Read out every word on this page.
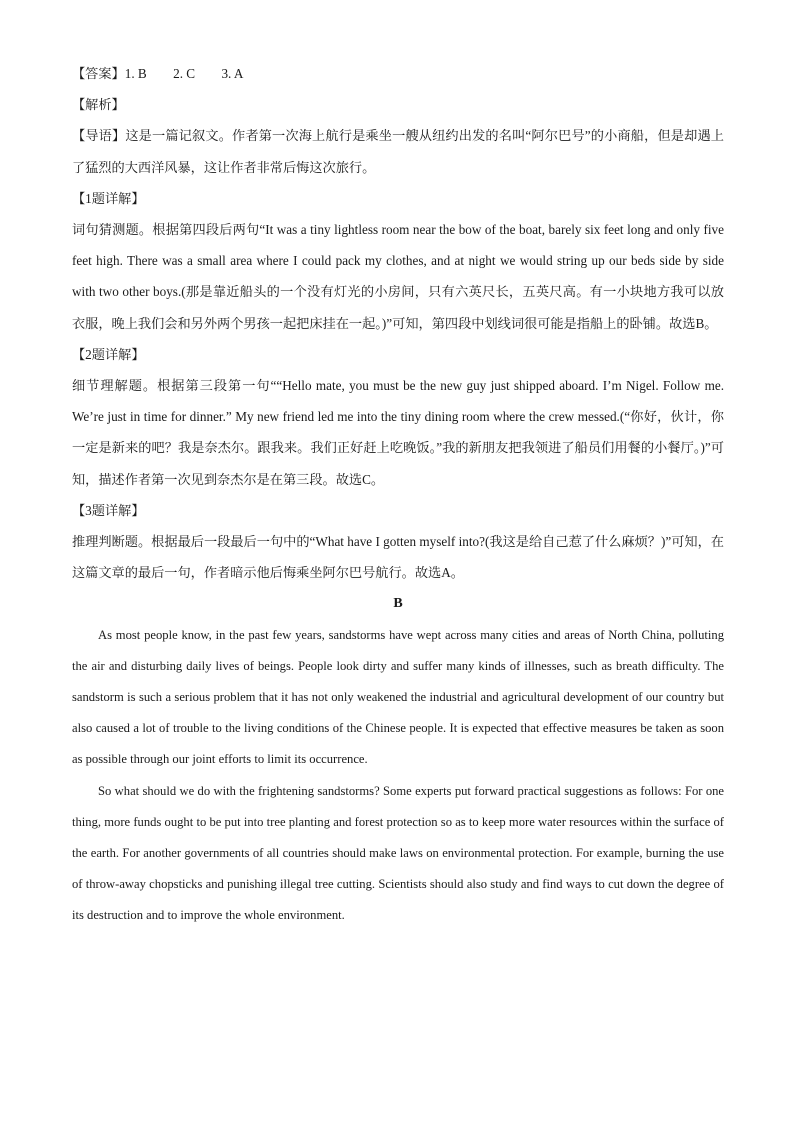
【答案】1. B　　2. C　　3. A

【解析】

【导语】这是一篇记叙文。作者第一次海上航行是乘坐一艘从纽约出发的名叫“阿尔巴号”的小商船，但是却遇上了猛烈的大西洋风暴，这让作者非常后悔这次旅行。

【1题详解】

词句猜测题。根据第四段后两句“It was a tiny lightless room near the bow of the boat, barely six feet long and only five feet high. There was a small area where I could pack my clothes, and at night we would string up our beds side by side with two other boys.(那是靠近船头的一个没有灯光的小房间，只有六英尺长，五英尺高。有一小块地方我可以放衣服，晚上我们会和另外两个男孩一起把床挂在一起。)”可知，第四段中划线词很可能是指船上的卧铺。故选B。

【2题详解】

细节理解题。根据第三段第一句““Hello mate, you must be the new guy just shipped aboard. I’m Nigel. Follow me. We’re just in time for dinner.” My new friend led me into the tiny dining room where the crew messed.(“你好，伙计，你一定是新来的吧？我是奈杰尔。跟我来。我们正好赶上吃晚饭。”我的新朋友把我领进了船员们用餐的小餐厅。)”可知，描述作者第一次见到奈杰尔是在第三段。故选C。

【3题详解】

推理判断题。根据最后一段最后一句中的“What have I gotten myself into?(我这是给自己惹了什么麻烦？)”可知，在这篇文章的最后一句，作者暗示他后悔乘坐阿尔巴号航行。故选A。

B

As most people know, in the past few years, sandstorms have wept across many cities and areas of North China, polluting the air and disturbing daily lives of beings. People look dirty and suffer many kinds of illnesses, such as breath difficulty. The sandstorm is such a serious problem that it has not only weakened the industrial and agricultural development of our country but also caused a lot of trouble to the living conditions of the Chinese people. It is expected that effective measures be taken as soon as possible through our joint efforts to limit its occurrence.

So what should we do with the frightening sandstorms? Some experts put forward practical suggestions as follows: For one thing, more funds ought to be put into tree planting and forest protection so as to keep more water resources within the surface of the earth. For another governments of all countries should make laws on environmental protection. For example, burning the use of throw-away chopsticks and punishing illegal tree cutting. Scientists should also study and find ways to cut down the degree of its destruction and to improve the whole environment.
